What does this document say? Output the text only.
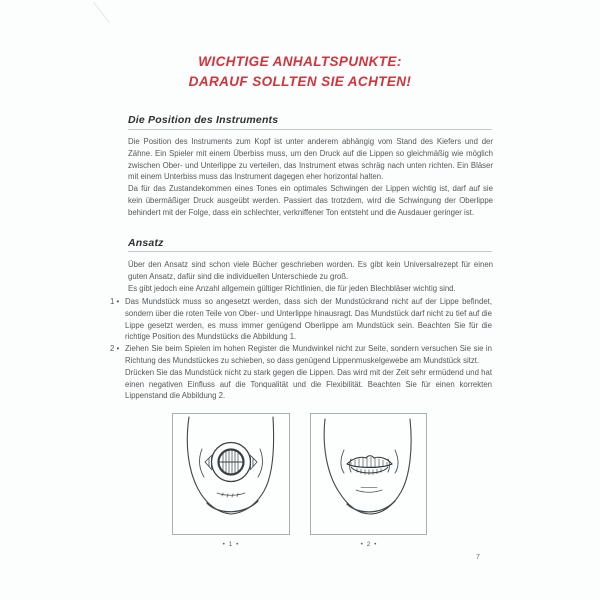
WICHTIGE ANHALTSPUNKTE:
DARAUF SOLLTEN SIE ACHTEN!
Die Position des Instruments

Die Position des Instruments zum Kopf ist unter anderem abhängig vom Stand des Kiefers und der Zähne. Ein Spieler mit einem Überbiss muss, um den Druck auf die Lippen so gleichmäßig wie möglich zwischen Ober- und Unterlippe zu verteilen, das Instrument etwas schräg nach unten richten. Ein Bläser mit einem Unterbiss muss das Instrument dagegen eher horizontal halten.

Da für das Zustandekommen eines Tones ein optimales Schwingen der Lippen wichtig ist, darf auf sie kein übermäßiger Druck ausgeübt werden. Passiert das trotzdem, wird die Schwingung der Oberlippe behindert mit der Folge, dass ein schlechter, verkniffener Ton entsteht und die Ausdauer geringer ist.

Ansatz

Über den Ansatz sind schon viele Bücher geschrieben worden. Es gibt kein Universalrezept für einen guten Ansatz, dafür sind die individuellen Unterschiede zu groß.

Es gibt jedoch eine Anzahl allgemein gültiger Richtlinien, die für jeden Blechbläser wichtig sind.

1 • Das Mundstück muss so angesetzt werden, dass sich der Mundstückrand nicht auf der Lippe befindet, sondern über die roten Teile von Ober- und Unterlippe hinausragt. Das Mundstück darf nicht zu tief auf die Lippe gesetzt werden, es muss immer genügend Oberlippe am Mundstück sein. Beachten Sie für die richtige Position des Mundstücks die Abbildung 1.

2 • Ziehen Sie beim Spielen im hohen Register die Mundwinkel nicht zur Seite, sondern versuchen Sie sie in Richtung des Mundstückes zu schieben, so dass genügend Lippenmuskelgewebe am Mundstück sitzt.

Drücken Sie das Mundstück nicht zu stark gegen die Lippen. Das wird mit der Zeit sehr ermüdend und hat einen negativen Einfluss auf die Tonqualität und die Flexibilität. Beachten Sie für einen korrekten Lippenstand die Abbildung 2.

• 1 •	• 2 •
7
